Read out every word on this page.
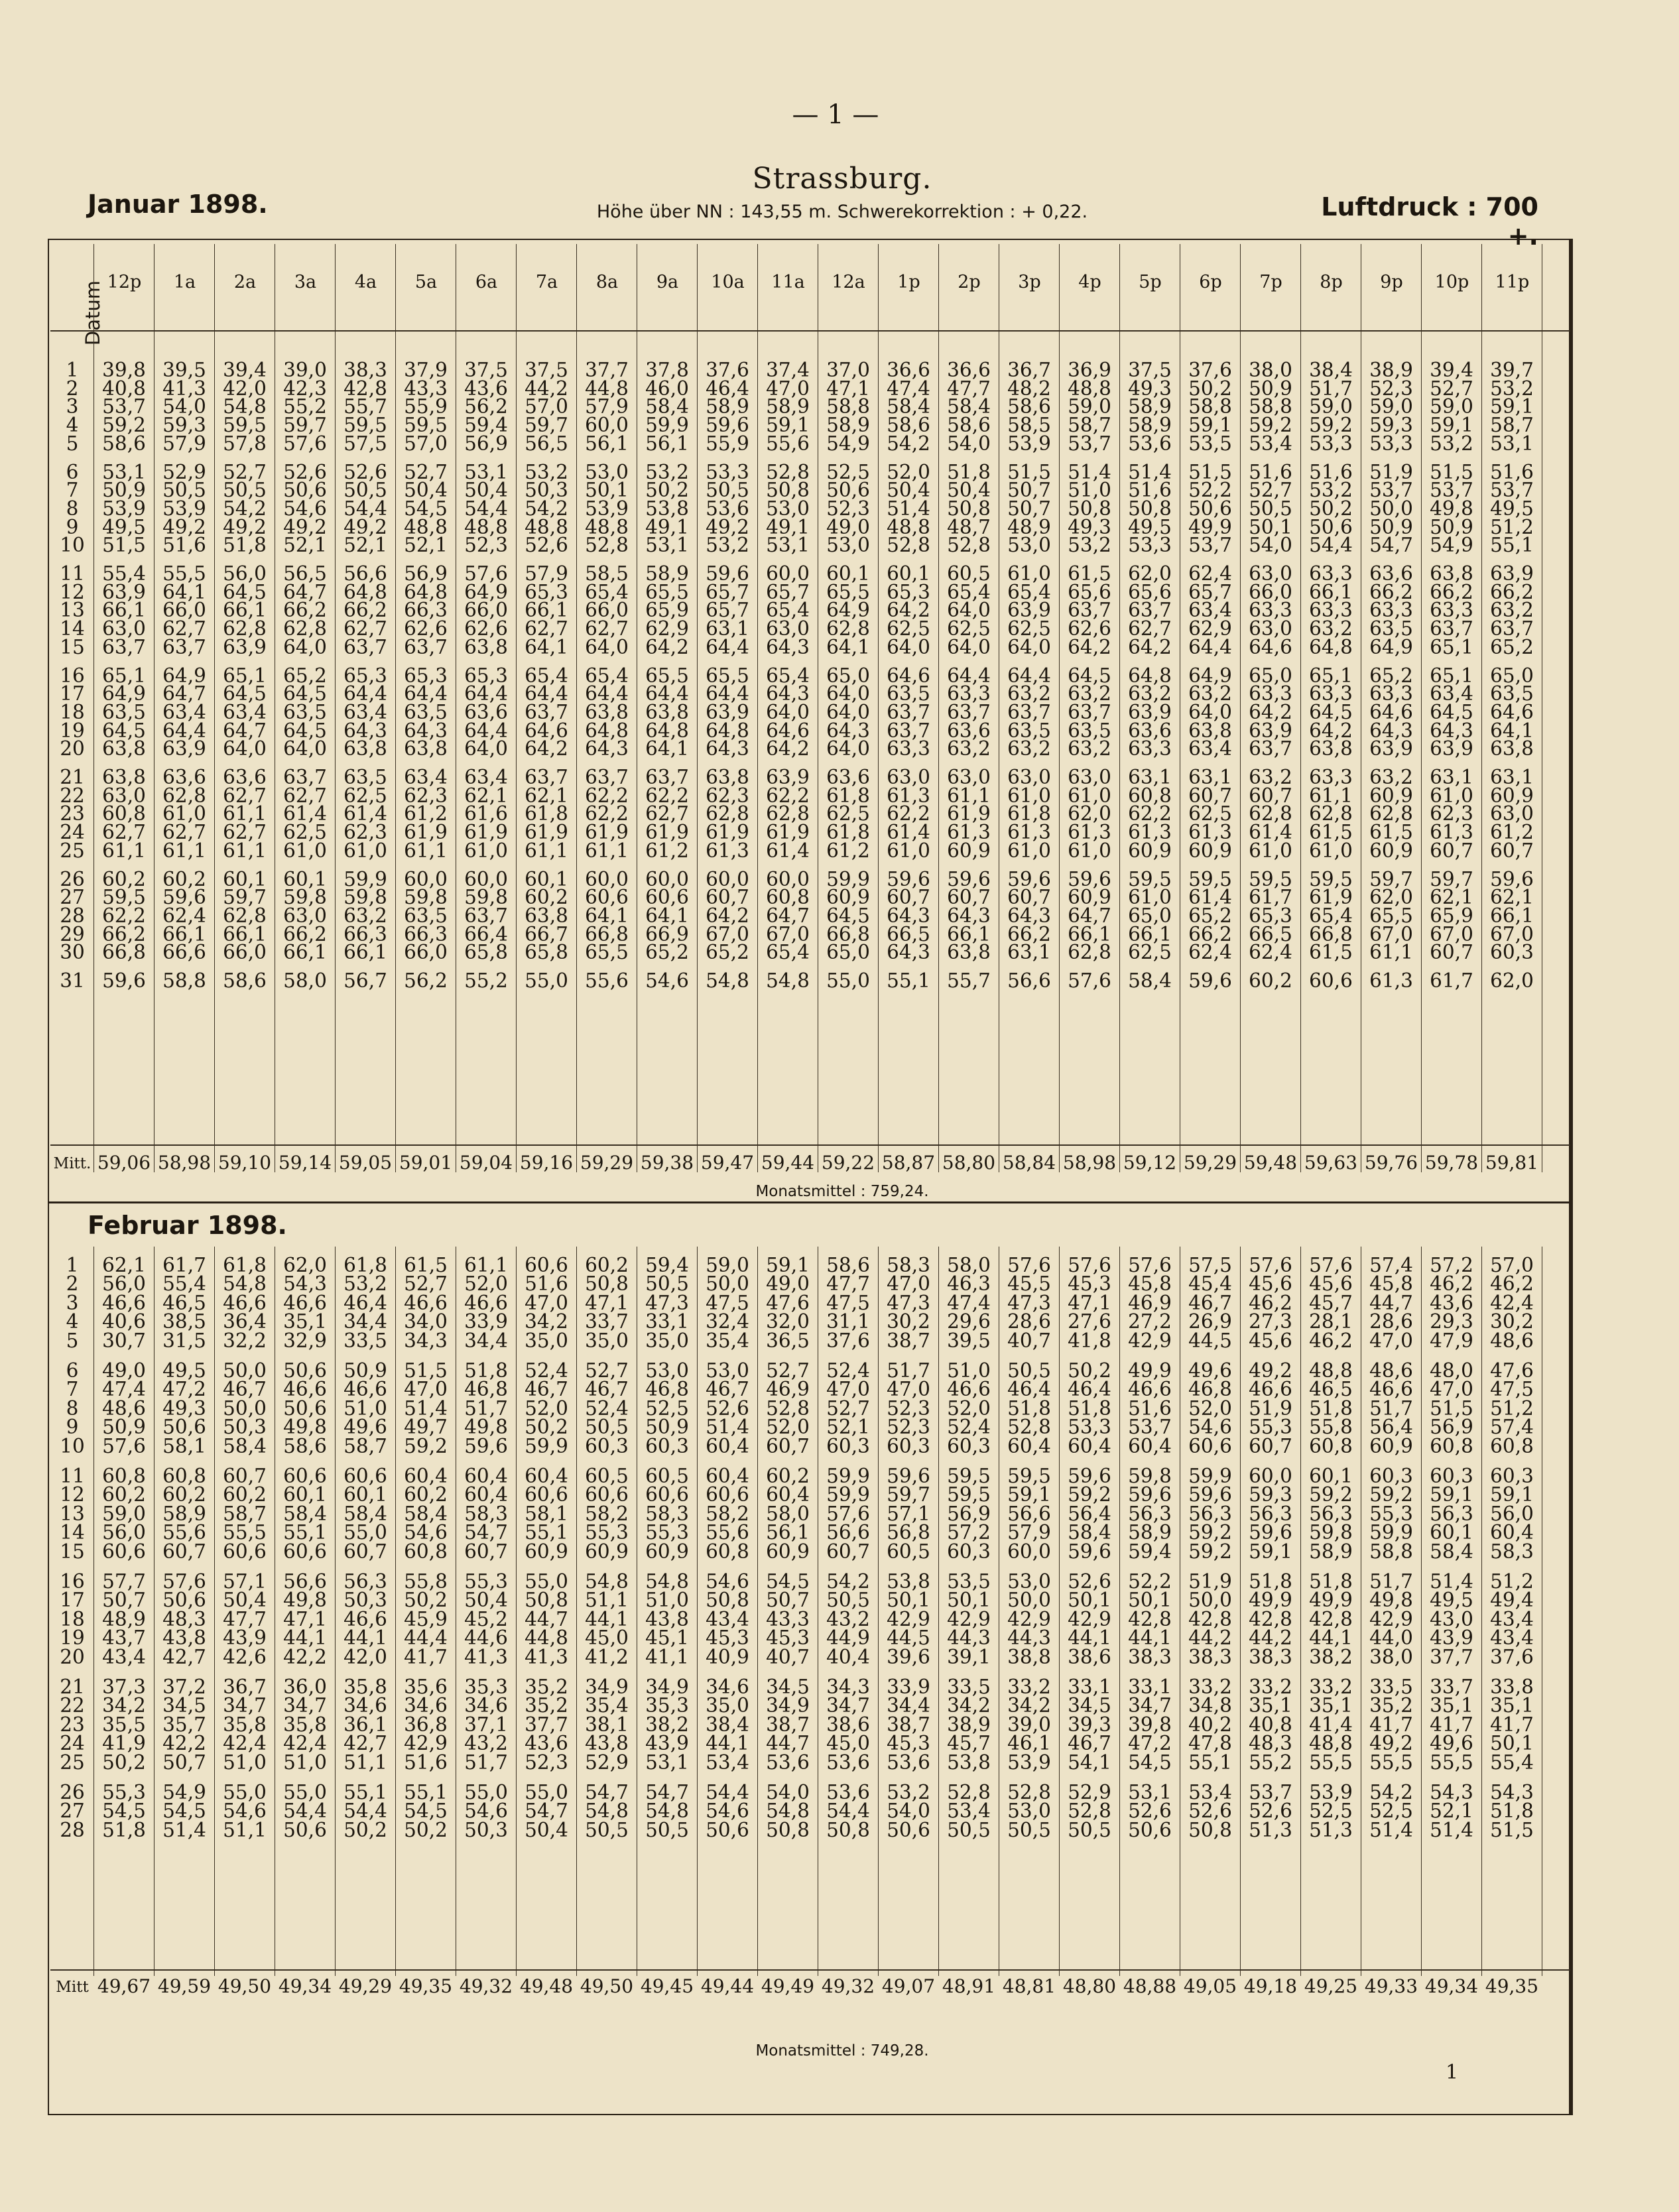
— 1 —
Strassburg.
Höhe über NN : 143,55 m. Schwerekorrektion : + 0,22.
Januar 1898.	Luftdruck : 700 +.
Datum
Februar 1898.
12p	1a	2a	3a	4a	5a	6a	7a	8a	9a	10a	11a	12a	1p	2p	3p	4p	5p	6p	7p	8p	9p	10p	11p
1	39,8 39,5 39,4 39,0 38,3 37,9 37,5 37,5 37,7 37,8 37,6 37,4 37,0 36,6 36,6 36,7 36,9 37,5 37,6 38,0 38,4 38,9 39,4 39,7
2	40,8 41,3 42,0 42,3 42,8 43,3 43,6 44,2 44,8 46,0 46,4 47,0 47,1 47,4 47,7 48,2 48,8 49,3 50,2 50,9 51,7 52,3 52,7 53,2
3	53,7 54,0 54,8 55,2 55,7 55,9 56,2 57,0 57,9 58,4 58,9 58,9 58,8 58,4 58,4 58,6 59,0 58,9 58,8 58,8 59,0 59,0 59,0 59,1
4	59,2 59,3 59,5 59,7 59,5 59,5 59,4 59,7 60,0 59,9 59,6 59,1 58,9 58,6 58,6 58,5 58,7 58,9 59,1 59,2 59,2 59,3 59,1 58,7
5	58,6 57,9 57,8 57,6 57,5 57,0 56,9 56,5 56,1 56,1 55,9 55,6 54,9 54,2 54,0 53,9 53,7 53,6 53,5 53,4 53,3 53,3 53,2 53,1
6	53,1 52,9 52,7 52,6 52,6 52,7 53,1 53,2 53,0 53,2 53,3 52,8 52,5 52,0 51,8 51,5 51,4 51,4 51,5 51,6 51,6 51,9 51,5 51,6
7	50,9 50,5 50,5 50,6 50,5 50,4 50,4 50,3 50,1 50,2 50,5 50,8 50,6 50,4 50,4 50,7 51,0 51,6 52,2 52,7 53,2 53,7 53,7 53,7
8	53,9 53,9 54,2 54,6 54,4 54,5 54,4 54,2 53,9 53,8 53,6 53,0 52,3 51,4 50,8 50,7 50,8 50,8 50,6 50,5 50,2 50,0 49,8 49,5
9	49,5 49,2 49,2 49,2 49,2 48,8 48,8 48,8 48,8 49,1 49,2 49,1 49,0 48,8 48,7 48,9 49,3 49,5 49,9 50,1 50,6 50,9 50,9 51,2
10 51,5 51,6 51,8 52,1 52,1 52,1 52,3 52,6 52,8 53,1 53,2 53,1 53,0 52,8 52,8 53,0 53,2 53,3 53,7 54,0 54,4 54,7 54,9 55,1
11 55,4 55,5 56,0 56,5 56,6 56,9 57,6 57,9 58,5 58,9 59,6 60,0 60,1 60,1 60,5 61,0 61,5 62,0 62,4 63,0 63,3 63,6 63,8 63,9
12 63,9 64,1 64,5 64,7 64,8 64,8 64,9 65,3 65,4 65,5 65,7 65,7 65,5 65,3 65,4 65,4 65,6 65,6 65,7 66,0 66,1 66,2 66,2 66,2
13 66,1 66,0 66,1 66,2 66,2 66,3 66,0 66,1 66,0 65,9 65,7 65,4 64,9 64,2 64,0 63,9 63,7 63,7 63,4 63,3 63,3 63,3 63,3 63,2
14 63,0 62,7 62,8 62,8 62,7 62,6 62,6 62,7 62,7 62,9 63,1 63,0 62,8 62,5 62,5 62,5 62,6 62,7 62,9 63,0 63,2 63,5 63,7 63,7
15 63,7 63,7 63,9 64,0 63,7 63,7 63,8 64,1 64,0 64,2 64,4 64,3 64,1 64,0 64,0 64,0 64,2 64,2 64,4 64,6 64,8 64,9 65,1 65,2
16 65,1 64,9 65,1 65,2 65,3 65,3 65,3 65,4 65,4 65,5 65,5 65,4 65,0 64,6 64,4 64,4 64,5 64,8 64,9 65,0 65,1 65,2 65,1 65,0
17 64,9 64,7 64,5 64,5 64,4 64,4 64,4 64,4 64,4 64,4 64,4 64,3 64,0 63,5 63,3 63,2 63,2 63,2 63,2 63,3 63,3 63,3 63,4 63,5
18 63,5 63,4 63,4 63,5 63,4 63,5 63,6 63,7 63,8 63,8 63,9 64,0 64,0 63,7 63,7 63,7 63,7 63,9 64,0 64,2 64,5 64,6 64,5 64,6
19 64,5 64,4 64,7 64,5 64,3 64,3 64,4 64,6 64,8 64,8 64,8 64,6 64,3 63,7 63,6 63,5 63,5 63,6 63,8 63,9 64,2 64,3 64,3 64,1
20 63,8 63,9 64,0 64,0 63,8 63,8 64,0 64,2 64,3 64,1 64,3 64,2 64,0 63,3 63,2 63,2 63,2 63,3 63,4 63,7 63,8 63,9 63,9 63,8
21 63,8 63,6 63,6 63,7 63,5 63,4 63,4 63,7 63,7 63,7 63,8 63,9 63,6 63,0 63,0 63,0 63,0 63,1 63,1 63,2 63,3 63,2 63,1 63,1
22 63,0 62,8 62,7 62,7 62,5 62,3 62,1 62,1 62,2 62,2 62,3 62,2 61,8 61,3 61,1 61,0 61,0 60,8 60,7 60,7 61,1 60,9 61,0 60,9
23 60,8 61,0 61,1 61,4 61,4 61,2 61,6 61,8 62,2 62,7 62,8 62,8 62,5 62,2 61,9 61,8 62,0 62,2 62,5 62,8 62,8 62,8 62,3 63,0
24 62,7 62,7 62,7 62,5 62,3 61,9 61,9 61,9 61,9 61,9 61,9 61,9 61,8 61,4 61,3 61,3 61,3 61,3 61,3 61,4 61,5 61,5 61,3 61,2
25 61,1 61,1 61,1 61,0 61,0 61,1 61,0 61,1 61,1 61,2 61,3 61,4 61,2 61,0 60,9 61,0 61,0 60,9 60,9 61,0 61,0 60,9 60,7 60,7
26 60,2 60,2 60,1 60,1 59,9 60,0 60,0 60,1 60,0 60,0 60,0 60,0 59,9 59,6 59,6 59,6 59,6 59,5 59,5 59,5 59,5 59,7 59,7 59,6
27 59,5 59,6 59,7 59,8 59,8 59,8 59,8 60,2 60,6 60,6 60,7 60,8 60,9 60,7 60,7 60,7 60,9 61,0 61,4 61,7 61,9 62,0 62,1 62,1
28 62,2 62,4 62,8 63,0 63,2 63,5 63,7 63,8 64,1 64,1 64,2 64,7 64,5 64,3 64,3 64,3 64,7 65,0 65,2 65,3 65,4 65,5 65,9 66,1
29 66,2 66,1 66,1 66,2 66,3 66,3 66,4 66,7 66,8 66,9 67,0 67,0 66,8 66,5 66,1 66,2 66,1 66,1 66,2 66,5 66,8 67,0 67,0 67,0
30 66,8 66,6 66,0 66,1 66,1 66,0 65,8 65,8 65,5 65,2 65,2 65,4 65,0 64,3 63,8 63,1 62,8 62,5 62,4 62,4 61,5 61,1 60,7 60,3
31 59,6 58,8 58,6 58,0 56,7 56,2 55,2 55,0 55,6 54,6 54,8 54,8 55,0 55,1 55,7 56,6 57,6 58,4 59,6 60,2 60,6 61,3 61,7 62,0
Mitt. 59,06 58,98 59,10 59,14 59,05 59,01 59,04 59,16 59,29 59,38 59,47 59,44 59,22 58,87 58,80 58,84 58,98 59,12 59,29 59,48 59,63 59,76 59,78 59,81
Monatsmittel : 759,24.
1	62,1 61,7 61,8 62,0 61,8 61,5 61,1 60,6 60,2 59,4 59,0 59,1 58,6 58,3 58,0 57,6 57,6 57,6 57,5 57,6 57,6 57,4 57,2 57,0
2	56,0 55,4 54,8 54,3 53,2 52,7 52,0 51,6 50,8 50,5 50,0 49,0 47,7 47,0 46,3 45,5 45,3 45,8 45,4 45,6 45,6 45,8 46,2 46,2
3	46,6 46,5 46,6 46,6 46,4 46,6 46,6 47,0 47,1 47,3 47,5 47,6 47,5 47,3 47,4 47,3 47,1 46,9 46,7 46,2 45,7 44,7 43,6 42,4
4	40,6 38,5 36,4 35,1 34,4 34,0 33,9 34,2 33,7 33,1 32,4 32,0 31,1 30,2 29,6 28,6 27,6 27,2 26,9 27,3 28,1 28,6 29,3 30,2
5	30,7 31,5 32,2 32,9 33,5 34,3 34,4 35,0 35,0 35,0 35,4 36,5 37,6 38,7 39,5 40,7 41,8 42,9 44,5 45,6 46,2 47,0 47,9 48,6
6	49,0 49,5 50,0 50,6 50,9 51,5 51,8 52,4 52,7 53,0 53,0 52,7 52,4 51,7 51,0 50,5 50,2 49,9 49,6 49,2 48,8 48,6 48,0 47,6
7	47,4 47,2 46,7 46,6 46,6 47,0 46,8 46,7 46,7 46,8 46,7 46,9 47,0 47,0 46,6 46,4 46,4 46,6 46,8 46,6 46,5 46,6 47,0 47,5
8	48,6 49,3 50,0 50,6 51,0 51,4 51,7 52,0 52,4 52,5 52,6 52,8 52,7 52,3 52,0 51,8 51,8 51,6 52,0 51,9 51,8 51,7 51,5 51,2
9	50,9 50,6 50,3 49,8 49,6 49,7 49,8 50,2 50,5 50,9 51,4 52,0 52,1 52,3 52,4 52,8 53,3 53,7 54,6 55,3 55,8 56,4 56,9 57,4
10 57,6 58,1 58,4 58,6 58,7 59,2 59,6 59,9 60,3 60,3 60,4 60,7 60,3 60,3 60,3 60,4 60,4 60,4 60,6 60,7 60,8 60,9 60,8 60,8
11 60,8 60,8 60,7 60,6 60,6 60,4 60,4 60,4 60,5 60,5 60,4 60,2 59,9 59,6 59,5 59,5 59,6 59,8 59,9 60,0 60,1 60,3 60,3 60,3
12 60,2 60,2 60,2 60,1 60,1 60,2 60,4 60,6 60,6 60,6 60,6 60,4 59,9 59,7 59,5 59,1 59,2 59,6 59,6 59,3 59,2 59,2 59,1 59,1
13 59,0 58,9 58,7 58,4 58,4 58,4 58,3 58,1 58,2 58,3 58,2 58,0 57,6 57,1 56,9 56,6 56,4 56,3 56,3 56,3 56,3 55,3 56,3 56,0
14 56,0 55,6 55,5 55,1 55,0 54,6 54,7 55,1 55,3 55,3 55,6 56,1 56,6 56,8 57,2 57,9 58,4 58,9 59,2 59,6 59,8 59,9 60,1 60,4
15 60,6 60,7 60,6 60,6 60,7 60,8 60,7 60,9 60,9 60,9 60,8 60,9 60,7 60,5 60,3 60,0 59,6 59,4 59,2 59,1 58,9 58,8 58,4 58,3
16 57,7 57,6 57,1 56,6 56,3 55,8 55,3 55,0 54,8 54,8 54,6 54,5 54,2 53,8 53,5 53,0 52,6 52,2 51,9 51,8 51,8 51,7 51,4 51,2
17 50,7 50,6 50,4 49,8 50,3 50,2 50,4 50,8 51,1 51,0 50,8 50,7 50,5 50,1 50,1 50,0 50,1 50,1 50,0 49,9 49,9 49,8 49,5 49,4
18 48,9 48,3 47,7 47,1 46,6 45,9 45,2 44,7 44,1 43,8 43,4 43,3 43,2 42,9 42,9 42,9 42,9 42,8 42,8 42,8 42,8 42,9 43,0 43,4
19 43,7 43,8 43,9 44,1 44,1 44,4 44,6 44,8 45,0 45,1 45,3 45,3 44,9 44,5 44,3 44,3 44,1 44,1 44,2 44,2 44,1 44,0 43,9 43,4
20 43,4 42,7 42,6 42,2 42,0 41,7 41,3 41,3 41,2 41,1 40,9 40,7 40,4 39,6 39,1 38,8 38,6 38,3 38,3 38,3 38,2 38,0 37,7 37,6
21 37,3 37,2 36,7 36,0 35,8 35,6 35,3 35,2 34,9 34,9 34,6 34,5 34,3 33,9 33,5 33,2 33,1 33,1 33,2 33,2 33,2 33,5 33,7 33,8
22 34,2 34,5 34,7 34,7 34,6 34,6 34,6 35,2 35,4 35,3 35,0 34,9 34,7 34,4 34,2 34,2 34,5 34,7 34,8 35,1 35,1 35,2 35,1 35,1
23 35,5 35,7 35,8 35,8 36,1 36,8 37,1 37,7 38,1 38,2 38,4 38,7 38,6 38,7 38,9 39,0 39,3 39,8 40,2 40,8 41,4 41,7 41,7 41,7
24 41,9 42,2 42,4 42,4 42,7 42,9 43,2 43,6 43,8 43,9 44,1 44,7 45,0 45,3 45,7 46,1 46,7 47,2 47,8 48,3 48,8 49,2 49,6 50,1
25 50,2 50,7 51,0 51,0 51,1 51,6 51,7 52,3 52,9 53,1 53,4 53,6 53,6 53,6 53,8 53,9 54,1 54,5 55,1 55,2 55,5 55,5 55,5 55,4
26 55,3 54,9 55,0 55,0 55,1 55,1 55,0 55,0 54,7 54,7 54,4 54,0 53,6 53,2 52,8 52,8 52,9 53,1 53,4 53,7 53,9 54,2 54,3 54,3
27 54,5 54,5 54,6 54,4 54,4 54,5 54,6 54,7 54,8 54,8 54,6 54,8 54,4 54,0 53,4 53,0 52,8 52,6 52,6 52,6 52,5 52,5 52,1 51,8
28 51,8 51,4 51,1 50,6 50,2 50,2 50,3 50,4 50,5 50,5 50,6 50,8 50,8 50,6 50,5 50,5 50,5 50,6 50,8 51,3 51,3 51,4 51,4 51,5
Mitt 49,67 49,59 49,50 49,34 49,29 49,35 49,32 49,48 49,50 49,45 49,44 49,49 49,32 49,07 48,91 48,81 48,80 48,88 49,05 49,18 49,25 49,33 49,34 49,35
Monatsmittel : 749,28.
1
